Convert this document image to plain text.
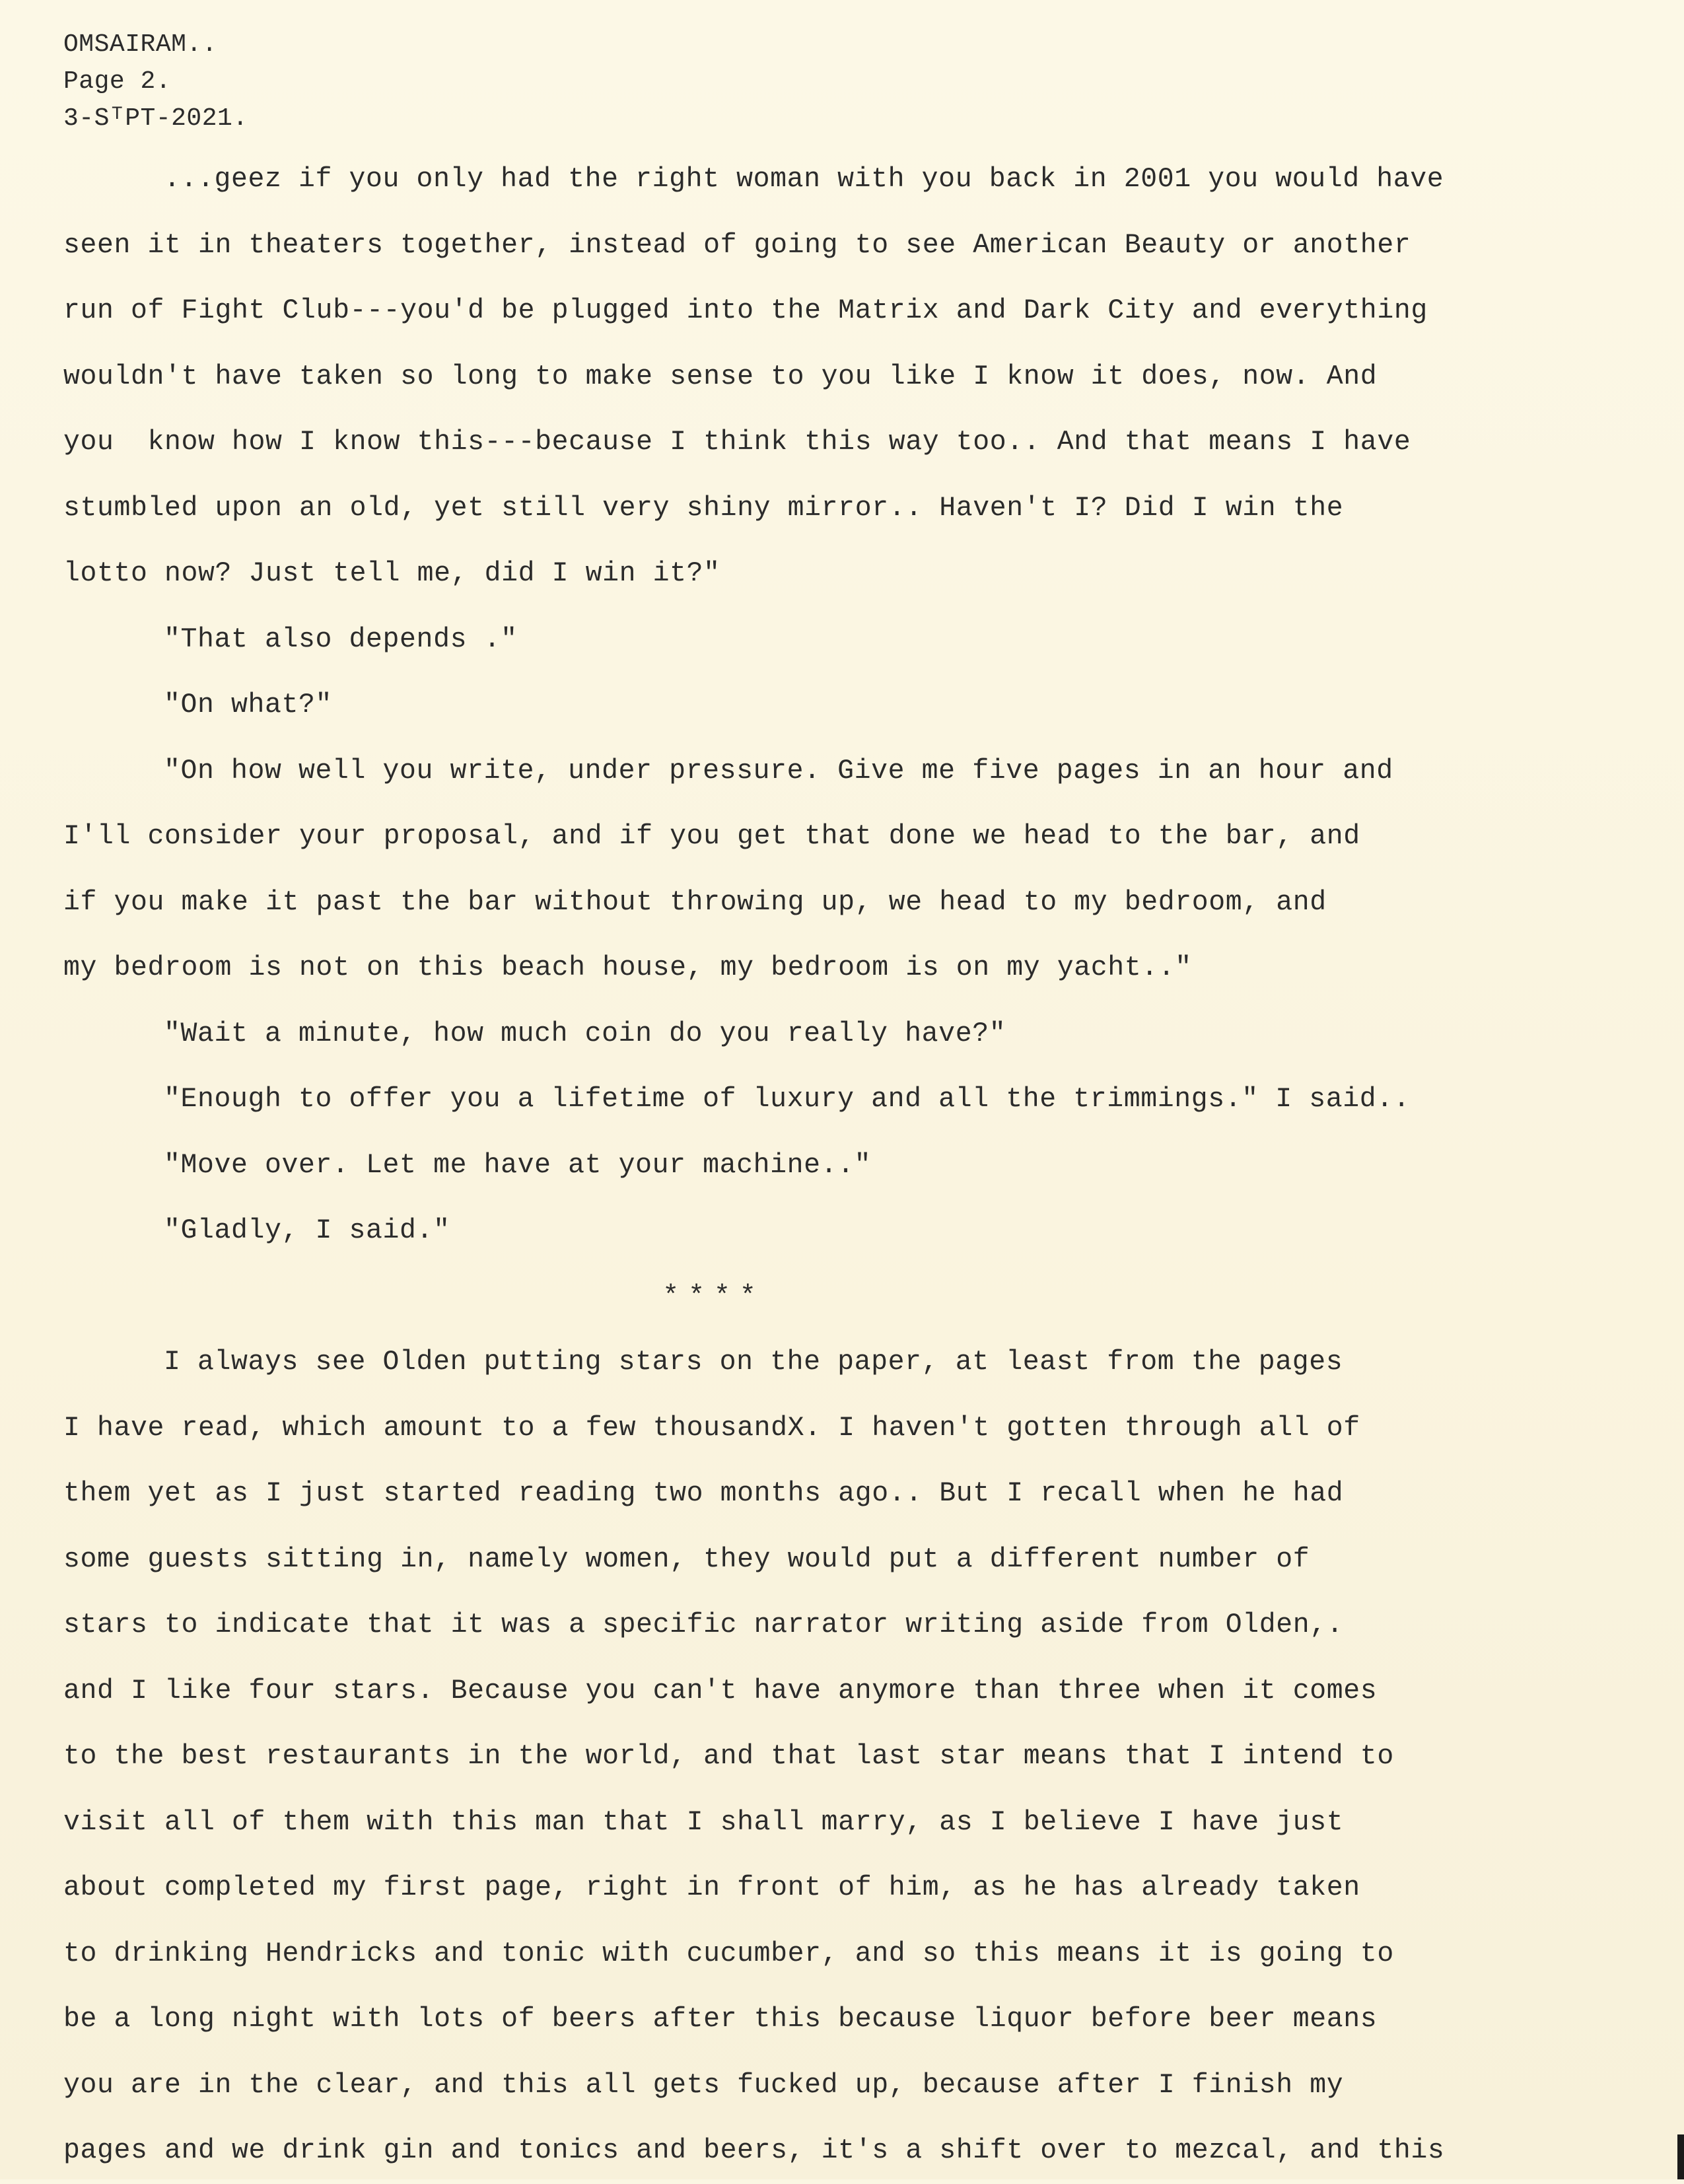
OMSAIRAM..
Page 2.
3-SᵀPT-2021.
...geez if you only had the right woman with you back in 2001 you would have
seen it in theaters together, instead of going to see American Beauty or another
run of Fight Club---you'd be plugged into the Matrix and Dark City and everything
wouldn't have taken so long to make sense to you like I know it does, now. And
you  know how I know this---because I think this way too.. And that means I have
stumbled upon an old, yet still very shiny mirror.. Haven't I? Did I win the
lotto now? Just tell me, did I win it?"
"That also depends ."
"On what?"
"On how well you write, under pressure. Give me five pages in an hour and
I'll consider your proposal, and if you get that done we head to the bar, and
if you make it past the bar without throwing up, we head to my bedroom, and
my bedroom is not on this beach house, my bedroom is on my yacht.."
"Wait a minute, how much coin do you really have?"
"Enough to offer you a lifetime of luxury and all the trimmings." I said..
"Move over. Let me have at your machine.."
"Gladly, I said."
****
I always see Olden putting stars on the paper, at least from the pages
I have read, which amount to a few thousandX. I haven't gotten through all of
them yet as I just started reading two months ago.. But I recall when he had
some guests sitting in, namely women, they would put a different number of
stars to indicate that it was a specific narrator writing aside from Olden,.
and I like four stars. Because you can't have anymore than three when it comes
to the best restaurants in the world, and that last star means that I intend to
visit all of them with this man that I shall marry, as I believe I have just
about completed my first page, right in front of him, as he has already taken
to drinking Hendricks and tonic with cucumber, and so this means it is going to
be a long night with lots of beers after this because liquor before beer means
you are in the clear, and this all gets fucked up, because after I finish my
pages and we drink gin and tonics and beers, it's a shift over to mezcal, and this
